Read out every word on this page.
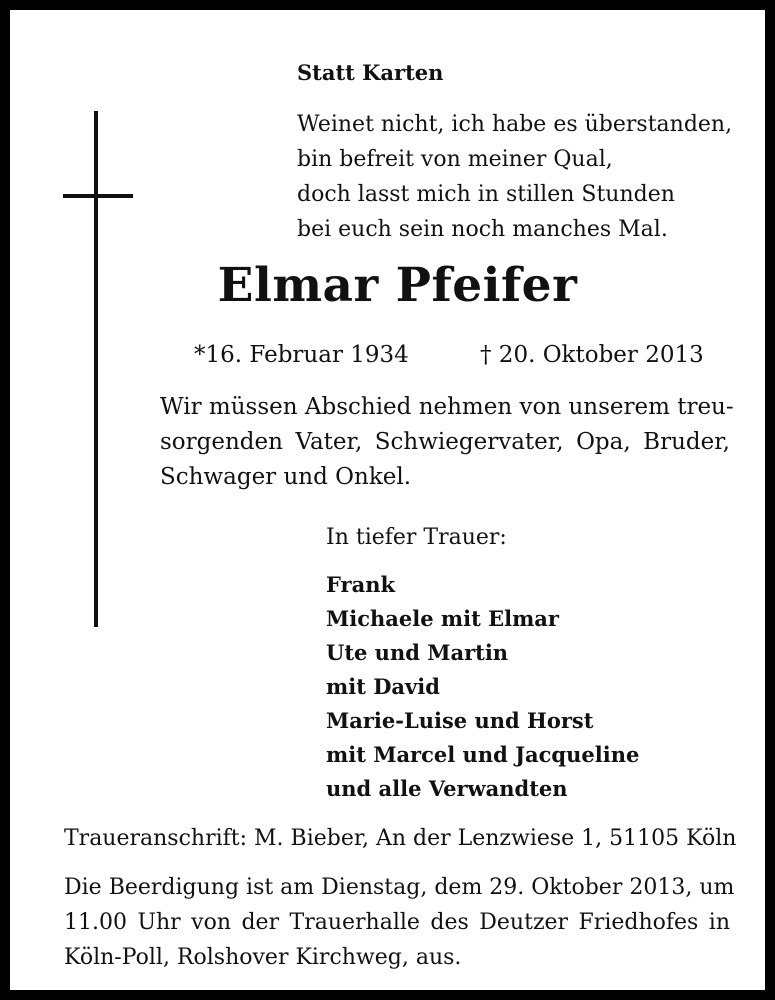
Statt Karten
Weinet nicht, ich habe es überstanden,
bin befreit von meiner Qual,
doch lasst mich in stillen Stunden
bei euch sein noch manches Mal.
Elmar Pfeifer
*16. Februar 1934	† 20. Oktober 2013
Wir müssen Abschied nehmen von unserem treu-
sorgenden Vater, Schwiegervater, Opa, Bruder,
Schwager und Onkel.
In tiefer Trauer:
Frank
Michaele mit Elmar
Ute und Martin
mit David
Marie-Luise und Horst
mit Marcel und Jacqueline
und alle Verwandten
Traueranschrift: M. Bieber, An der Lenzwiese 1, 51105 Köln
Die Beerdigung ist am Dienstag, dem 29. Oktober 2013, um
11.00 Uhr von der Trauerhalle des Deutzer Friedhofes in
Köln-Poll, Rolshover Kirchweg, aus.
